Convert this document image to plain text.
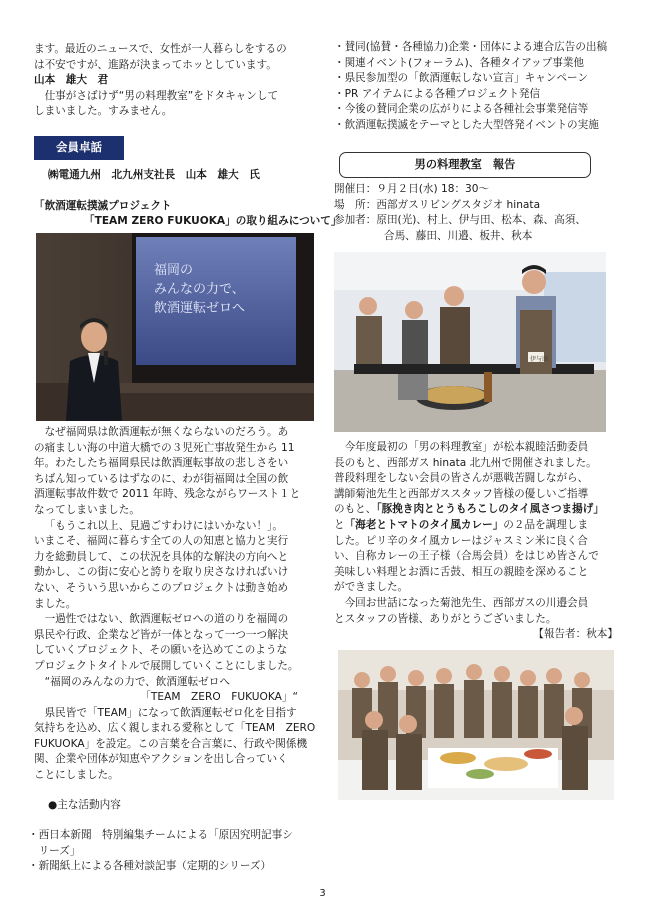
ます。最近のニュースで、女性が一人暮らしをするの

は不安ですが、進路が決まってホッとしています。

山本　雄大　君

仕事がさばけず“男の料理教室”をドタキャンして

しまいました。すみません。

会員卓話

㈱電通九州　北九州支社長　山本　雄大　氏

「飲酒運転撲滅プロジェクト

「TEAM ZERO FUKUOKA」の取り組みについて」

福岡の
みんなの力で、
飲酒運転ゼロへ

なぜ福岡県は飲酒運転が無くならないのだろう。あ

の痛ましい海の中道大橋での３児死亡事故発生から 11

年。わたしたち福岡県民は飲酒運転事故の悲しさをい

ちばん知っているはずなのに、わが街福岡は全国の飲

酒運転事故件数で 2011 年時、残念ながらワースト１と

なってしまいました。

「もうこれ以上、見過ごすわけにはいかない！」。

いまこそ、福岡に暮らす全ての人の知恵と協力と実行

力を総動員して、この状況を具体的な解決の方向へと

動かし、この街に安心と誇りを取り戻さなければいけ

ない、そういう思いからこのプロジェクトは動き始め

ました。

一過性ではない、飲酒運転ゼロへの道のりを福岡の

県民や行政、企業など皆が一体となって一つ一つ解決

していくプロジェクト、その願いを込めてこのような

プロジェクトタイトルで展開していくことにしました。

“福岡のみんなの力で、飲酒運転ゼロへ

「TEAM　ZERO　FUKUOKA」“

県民皆で「TEAM」になって飲酒運転ゼロ化を目指す

気持ちを込め、広く親しまれる愛称として「TEAM　ZERO

FUKUOKA」を設定。この言葉を合言葉に、行政や関係機

関、企業や団体が知恵やアクションを出し合っていく

ことにしました。

●主な活動内容

・西日本新聞　特別編集チームによる「原因究明記事シ

　リーズ」

・新聞紙上による各種対談記事（定期的シリーズ）

・賛同(協賛・各種協力)企業・団体による連合広告の出稿

・関連イベント(フォーラム)、各種タイアップ事業他

・県民参加型の「飲酒運転しない宣言」キャンペーン

・PR アイテムによる各種プロジェクト発信

・今後の賛同企業の広がりによる各種社会事業発信等

・飲酒運転撲滅をテーマとした大型啓発イベントの実施

男の料理教室　報告

開催日：９月２日(水) 18：30～

場　所：西部ガスリビングスタジオ hinata

参加者：原田(光)、村上、伊与田、松本、森、高須、

合馬、藤田、川邉、板井、秋本

伊与田

今年度最初の「男の料理教室」が松本親睦活動委員

長のもと、西部ガス hinata 北九州で開催されました。

普段料理をしない会員の皆さんが悪戦苦闘しながら、

講師菊池先生と西部ガススタッフ皆様の優しいご指導

のもと、「豚挽き肉ととうもろこしのタイ風さつま揚げ」

と「海老とトマトのタイ風カレー」の２品を調理しま

した。ピリ辛のタイ風カレーはジャスミン米に良く合

い、自称カレーの王子様（合馬会員）をはじめ皆さんで

美味しい料理とお酒に舌鼓、相互の親睦を深めること

ができました。

今回お世話になった菊池先生、西部ガスの川邉会員

とスタッフの皆様、ありがとうございました。

【報告者：秋本】

3
